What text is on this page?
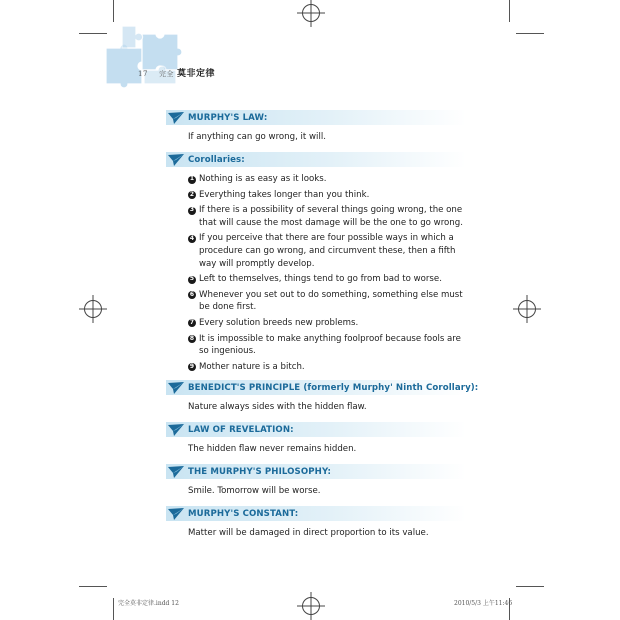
17 完全 莫非定律
MURPHY'S LAW:
If anything can go wrong, it will.
Corollaries:
1 Nothing is as easy as it looks.
2 Everything takes longer than you think.
3 If there is a possibility of several things going wrong, the one that will cause the most damage will be the one to go wrong.
4 If you perceive that there are four possible ways in which a procedure can go wrong, and circumvent these, then a fifth way will promptly develop.
5 Left to themselves, things tend to go from bad to worse.
6 Whenever you set out to do something, something else must be done first.
7 Every solution breeds new problems.
8 It is impossible to make anything foolproof because fools are so ingenious.
9 Mother nature is a bitch.
BENEDICT'S PRINCIPLE (formerly Murphy' Ninth Corollary):
Nature always sides with the hidden flaw.
LAW OF REVELATION:
The hidden flaw never remains hidden.
THE MURPHY'S PHILOSOPHY:
Smile. Tomorrow will be worse.
MURPHY'S CONSTANT:
Matter will be damaged in direct proportion to its value.
完全莫非定律.indd 12	2010/5/3 上午11:46
